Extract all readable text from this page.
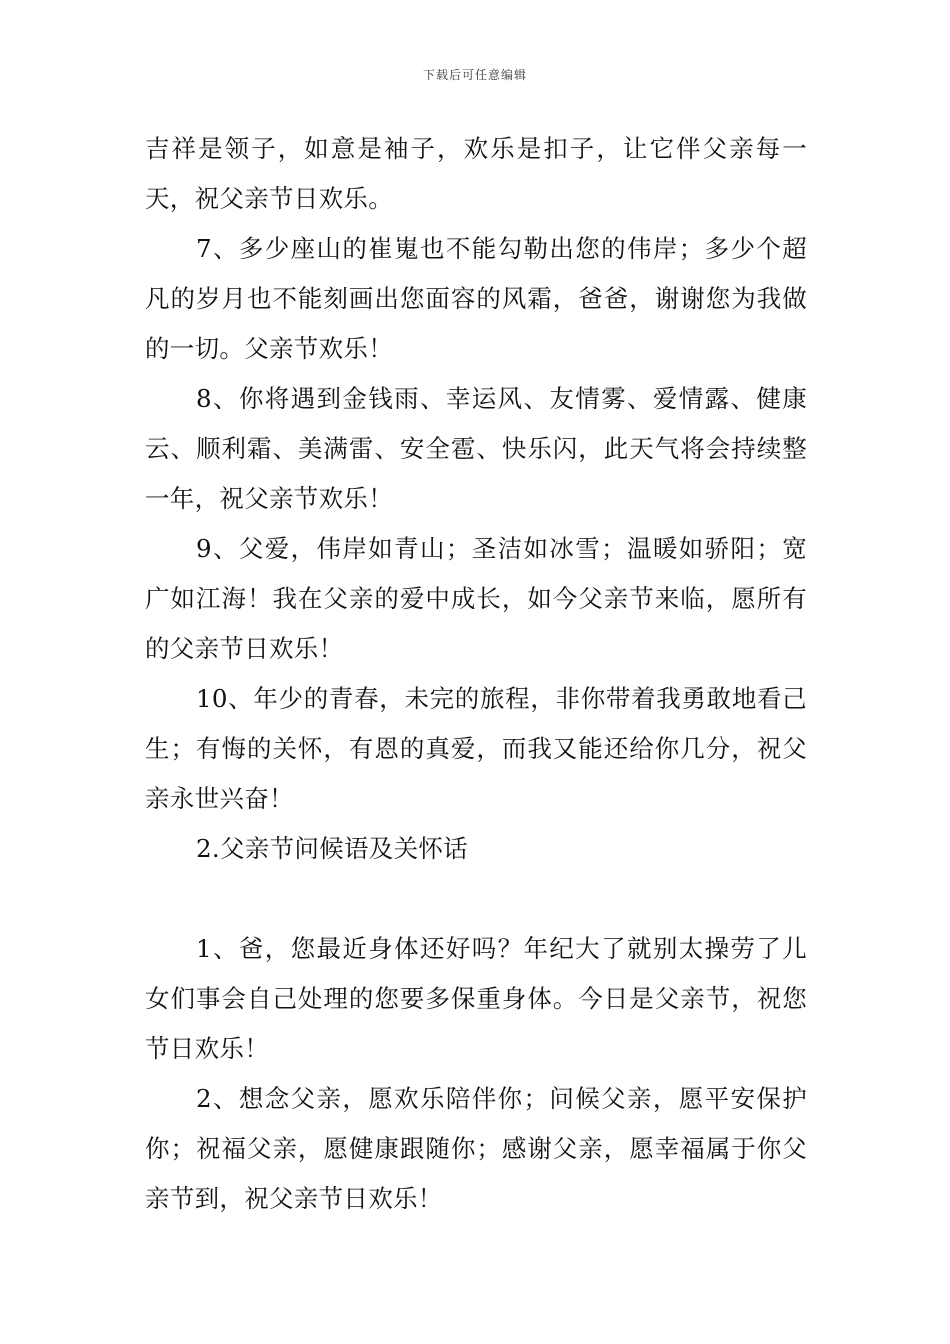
下载后可任意编辑

吉祥是领子，如意是袖子，欢乐是扣子，让它伴父亲每一天，祝父亲节日欢乐。

7、多少座山的崔嵬也不能勾勒出您的伟岸；多少个超凡的岁月也不能刻画出您面容的风霜，爸爸，谢谢您为我做的一切。父亲节欢乐！

8、你将遇到金钱雨、幸运风、友情雾、爱情露、健康云、顺利霜、美满雷、安全雹、快乐闪，此天气将会持续整一年，祝父亲节欢乐！

9、父爱，伟岸如青山；圣洁如冰雪；温暖如骄阳；宽广如江海！我在父亲的爱中成长，如今父亲节来临，愿所有的父亲节日欢乐！

10、年少的青春，未完的旅程，非你带着我勇敢地看己生；有悔的关怀，有恩的真爱，而我又能还给你几分，祝父亲永世兴奋！

2.父亲节问候语及关怀话

1、爸，您最近身体还好吗？年纪大了就别太操劳了儿女们事会自己处理的您要多保重身体。今日是父亲节，祝您节日欢乐！

2、想念父亲，愿欢乐陪伴你；问候父亲，愿平安保护你；祝福父亲，愿健康跟随你；感谢父亲，愿幸福属于你父亲节到，祝父亲节日欢乐！
